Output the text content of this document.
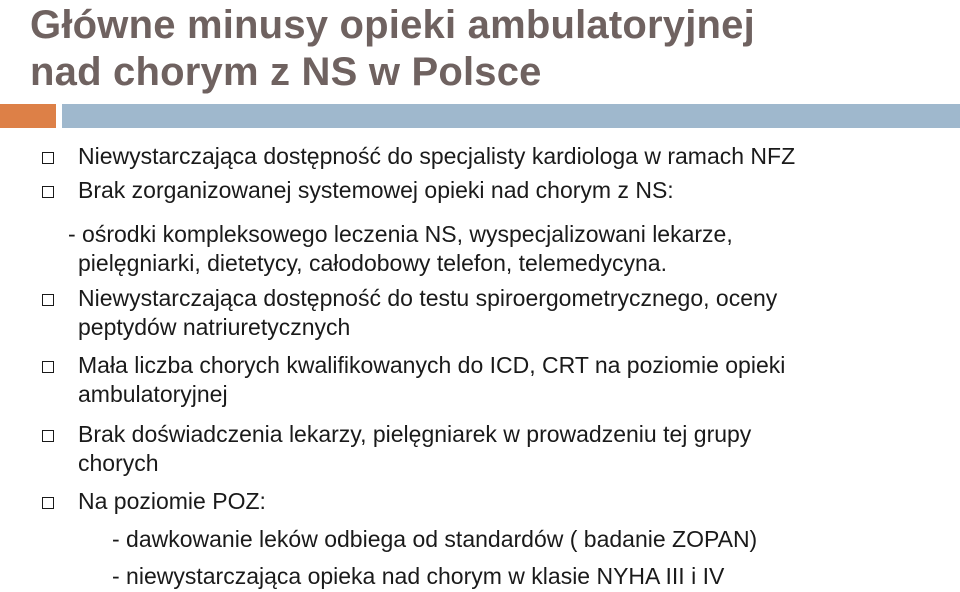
Główne minusy opieki ambulatoryjnej
nad chorym z NS w Polsce

Niewystarczająca dostępność do specjalisty kardiologa w ramach NFZ

Brak zorganizowanej systemowej opieki nad chorym z NS:

- ośrodki kompleksowego leczenia NS, wyspecjalizowani lekarze,

pielęgniarki, dietetycy, całodobowy telefon, telemedycyna.

Niewystarczająca dostępność do testu spiroergometrycznego, oceny

peptydów natriuretycznych

Mała liczba chorych kwalifikowanych do ICD, CRT na poziomie opieki

ambulatoryjnej

Brak doświadczenia lekarzy, pielęgniarek w prowadzeniu tej grupy

chorych

Na poziomie POZ:

- dawkowanie leków odbiega od standardów ( badanie ZOPAN)

- niewystarczająca opieka nad chorym w klasie NYHA III i IV
